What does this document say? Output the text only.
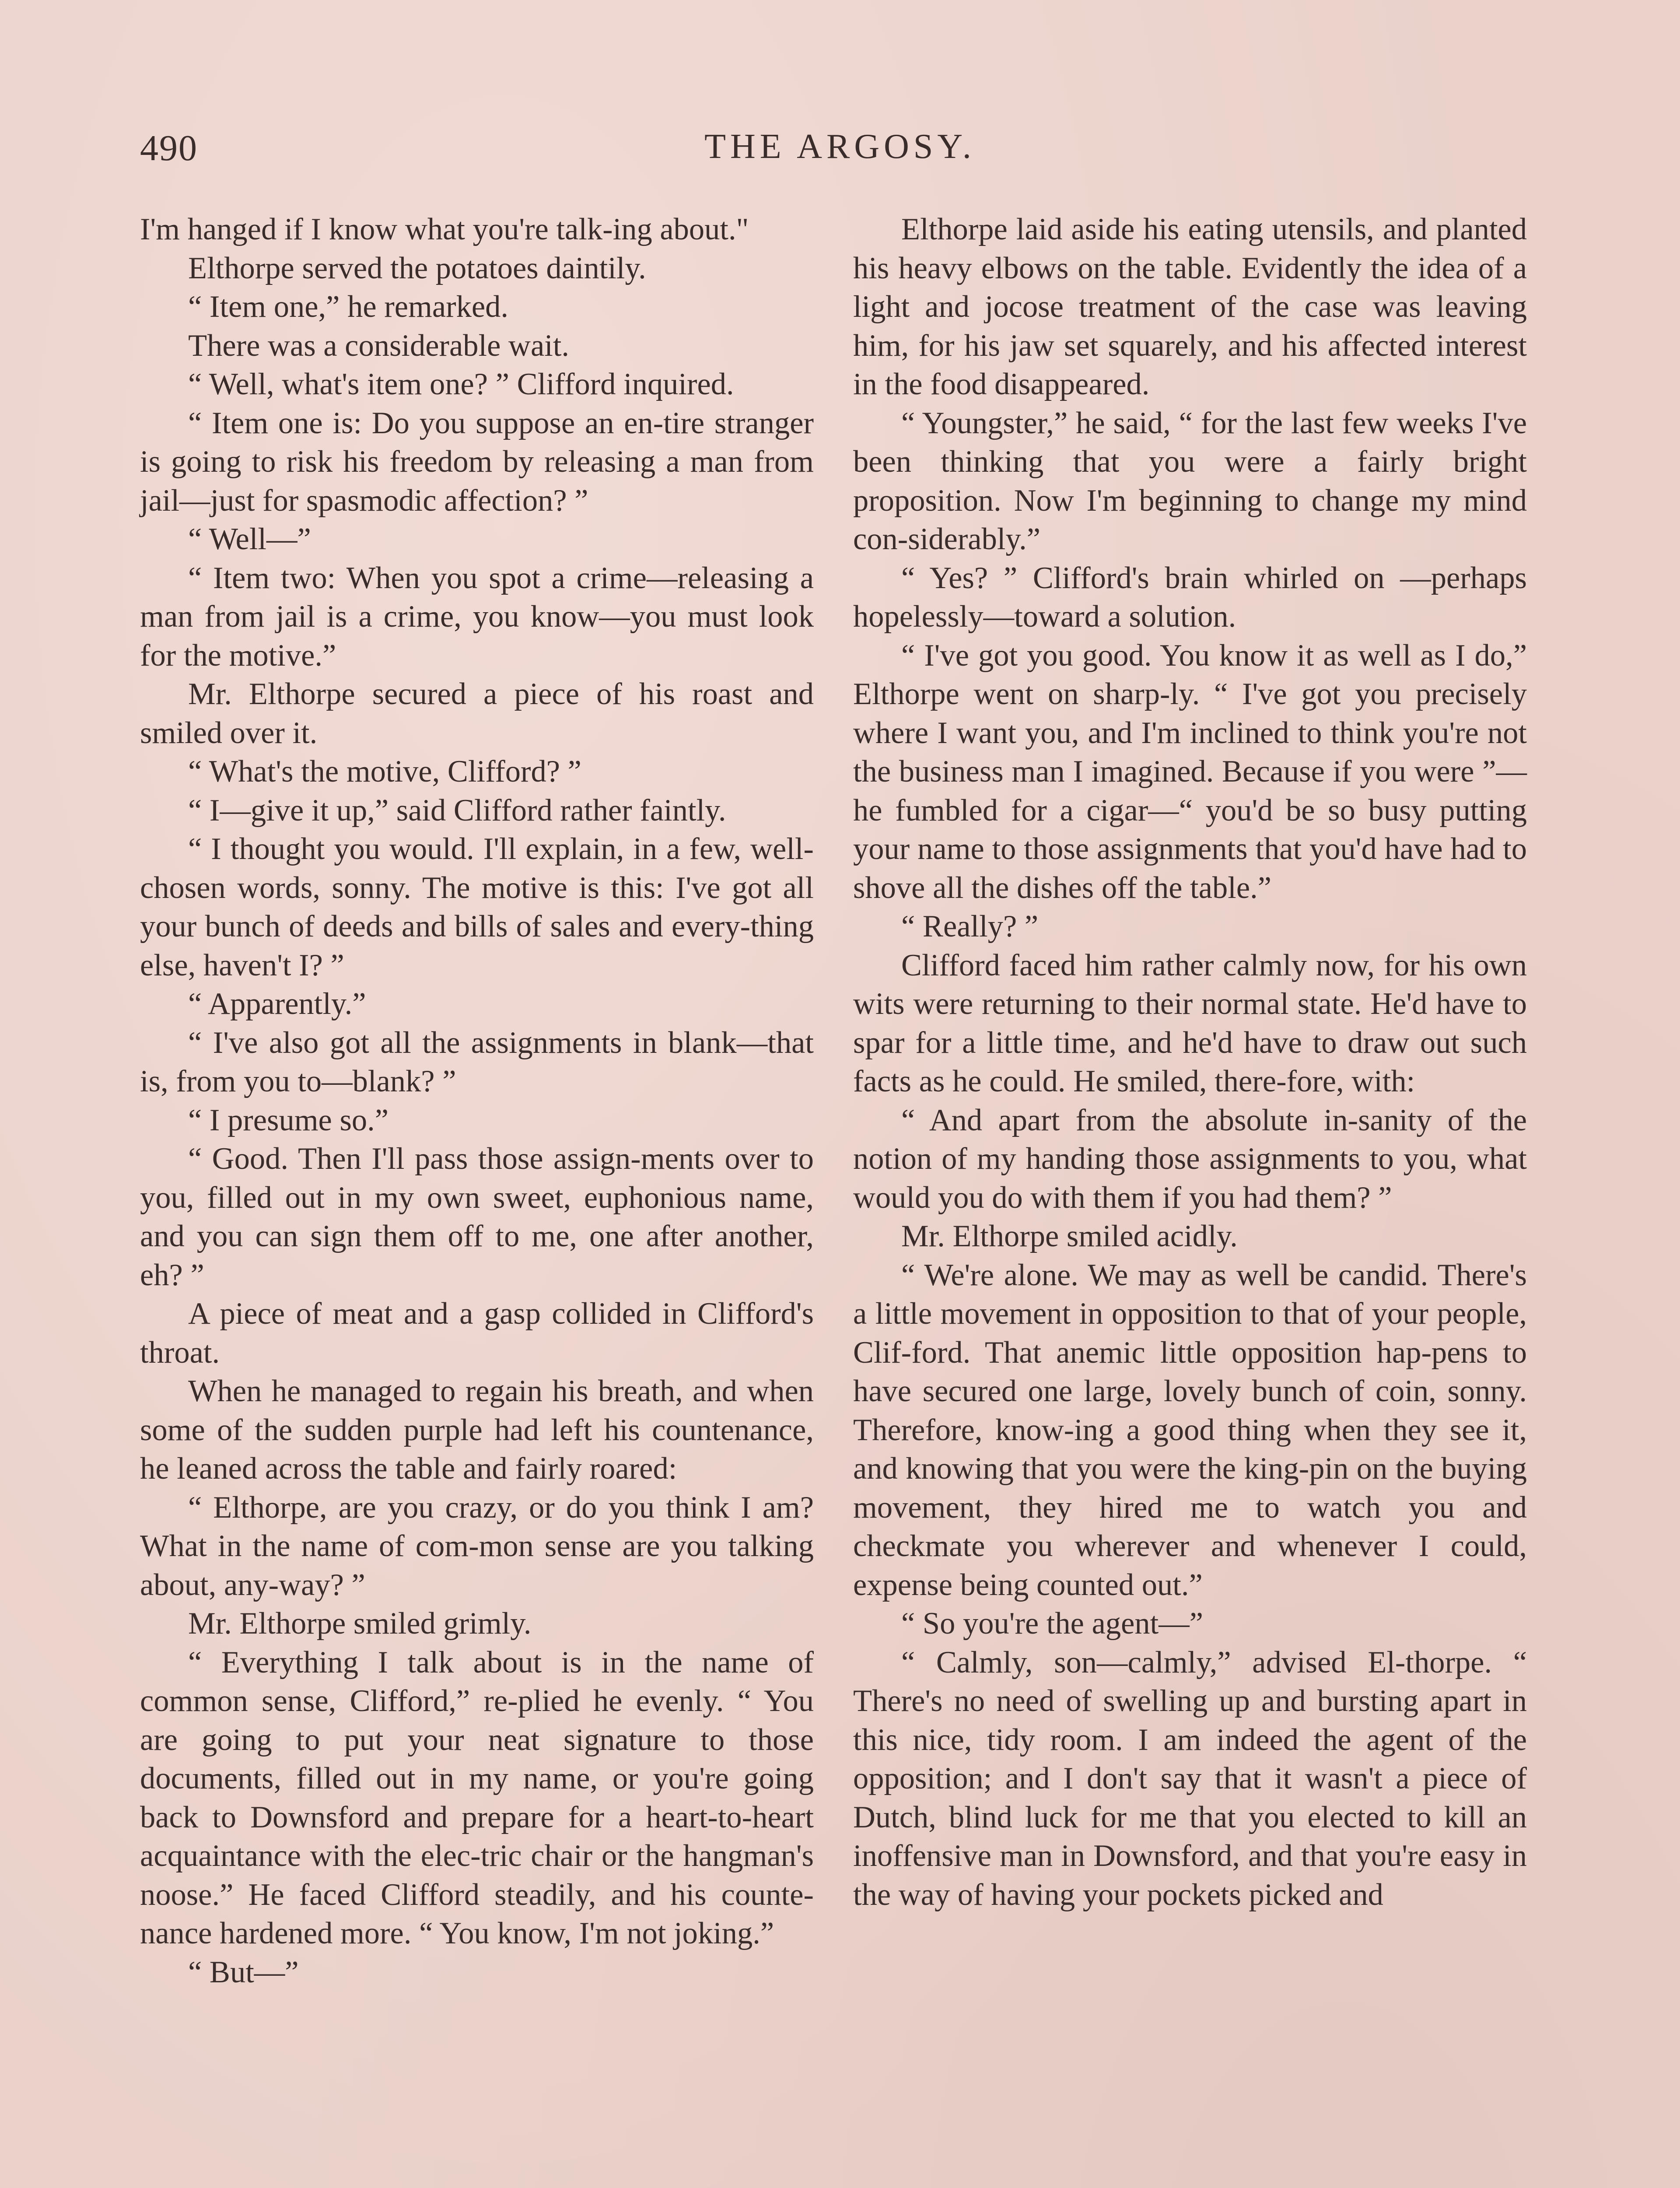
490	THE ARGOSY.

I'm hanged if I know what you're talk-ing about."

Elthorpe served the potatoes daintily.

“ Item one,” he remarked.

There was a considerable wait.

“ Well, what's item one? ” Clifford inquired.

“ Item one is: Do you suppose an en-tire stranger is going to risk his freedom by releasing a man from jail—just for spasmodic affection? ”

“ Well—”

“ Item two: When you spot a crime—releasing a man from jail is a crime, you know—you must look for the motive.”

Mr. Elthorpe secured a piece of his roast and smiled over it.

“ What's the motive, Clifford? ”

“ I—give it up,” said Clifford rather faintly.

“ I thought you would. I'll explain, in a few, well-chosen words, sonny. The motive is this: I've got all your bunch of deeds and bills of sales and every-thing else, haven't I? ”

“ Apparently.”

“ I've also got all the assignments in blank—that is, from you to—blank? ”

“ I presume so.”

“ Good. Then I'll pass those assign-ments over to you, filled out in my own sweet, euphonious name, and you can sign them off to me, one after another, eh? ”

A piece of meat and a gasp collided in Clifford's throat.

When he managed to regain his breath, and when some of the sudden purple had left his countenance, he leaned across the table and fairly roared:

“ Elthorpe, are you crazy, or do you think I am? What in the name of com-mon sense are you talking about, any-way? ”

Mr. Elthorpe smiled grimly.

“ Everything I talk about is in the name of common sense, Clifford,” re-plied he evenly. “ You are going to put your neat signature to those documents, filled out in my name, or you're going back to Downsford and prepare for a heart-to-heart acquaintance with the elec-tric chair or the hangman's noose.” He faced Clifford steadily, and his counte-nance hardened more. “ You know, I'm not joking.”

“ But—”

Elthorpe laid aside his eating utensils, and planted his heavy elbows on the table. Evidently the idea of a light and jocose treatment of the case was leaving him, for his jaw set squarely, and his affected interest in the food disappeared.

“ Youngster,” he said, “ for the last few weeks I've been thinking that you were a fairly bright proposition. Now I'm beginning to change my mind con-siderably.”

“ Yes? ” Clifford's brain whirled on —perhaps hopelessly—toward a solution.

“ I've got you good. You know it as well as I do,” Elthorpe went on sharp-ly. “ I've got you precisely where I want you, and I'm inclined to think you're not the business man I imagined. Because if you were ”—he fumbled for a cigar—“ you'd be so busy putting your name to those assignments that you'd have had to shove all the dishes off the table.”

“ Really? ”

Clifford faced him rather calmly now, for his own wits were returning to their normal state. He'd have to spar for a little time, and he'd have to draw out such facts as he could. He smiled, there-fore, with:

“ And apart from the absolute in-sanity of the notion of my handing those assignments to you, what would you do with them if you had them? ”

Mr. Elthorpe smiled acidly.

“ We're alone. We may as well be candid. There's a little movement in opposition to that of your people, Clif-ford. That anemic little opposition hap-pens to have secured one large, lovely bunch of coin, sonny. Therefore, know-ing a good thing when they see it, and knowing that you were the king-pin on the buying movement, they hired me to watch you and checkmate you wherever and whenever I could, expense being counted out.”

“ So you're the agent—”

“ Calmly, son—calmly,” advised El-thorpe. “ There's no need of swelling up and bursting apart in this nice, tidy room. I am indeed the agent of the opposition; and I don't say that it wasn't a piece of Dutch, blind luck for me that you elected to kill an inoffensive man in Downsford, and that you're easy in the way of having your pockets picked and
